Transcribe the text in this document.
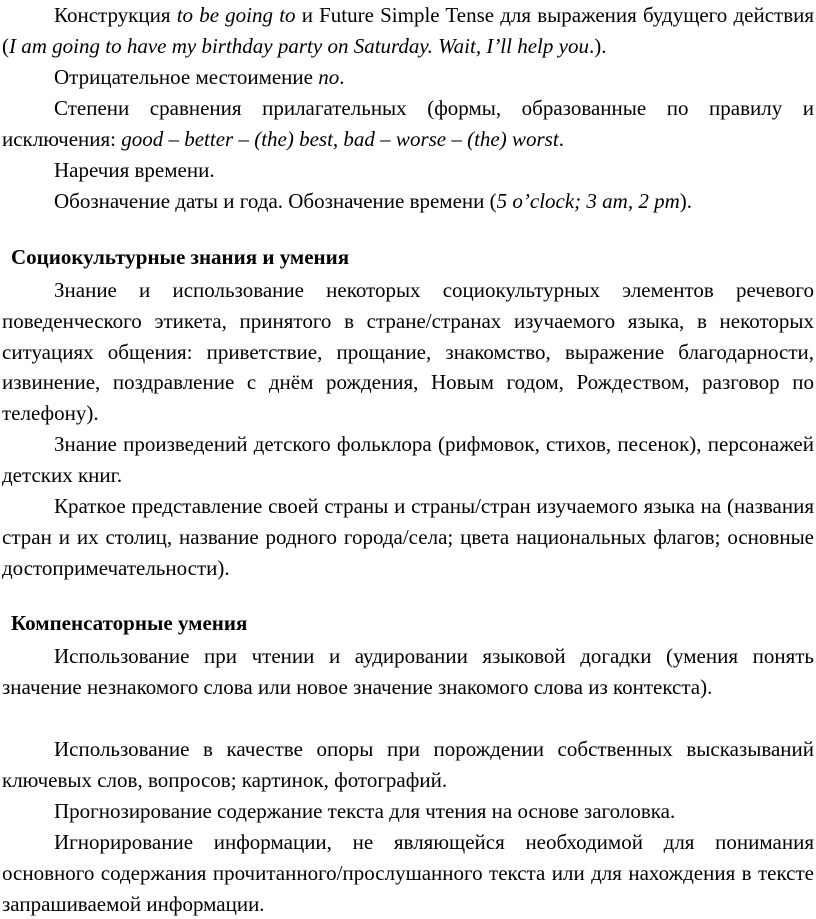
Конструкция to be going to и Future Simple Tense для выражения будущего действия (I am going to have my birthday party on Saturday. Wait, I’ll help you.).

Отрицательное местоимение no.

Степени сравнения прилагательных (формы, образованные по правилу и исключения: good – better – (the) best, bad – worse – (the) worst.

Наречия времени.

Обозначение даты и года. Обозначение времени (5 o’clock; 3 am, 2 pm).

Социокультурные знания и умения

Знание и использование некоторых социокультурных элементов речевого поведенческого этикета, принятого в стране/странах изучаемого языка, в некоторых ситуациях общения: приветствие, прощание, знакомство, выражение благодарности, извинение, поздравление с днём рождения, Новым годом, Рождеством, разговор по телефону).

Знание произведений детского фольклора (рифмовок, стихов, песенок), персонажей детских книг.

Краткое представление своей страны и страны/стран изучаемого языка на (названия стран и их столиц, название родного города/села; цвета национальных флагов; основные достопримечательности).

Компенсаторные умения

Использование при чтении и аудировании языковой догадки (умения понять значение незнакомого слова или новое значение знакомого слова из контекста).

Использование в качестве опоры при порождении собственных высказываний ключевых слов, вопросов; картинок, фотографий.

Прогнозирование содержание текста для чтения на основе заголовка.

Игнорирование информации, не являющейся необходимой для понимания основного содержания прочитанного/прослушанного текста или для нахождения в тексте запрашиваемой информации.
